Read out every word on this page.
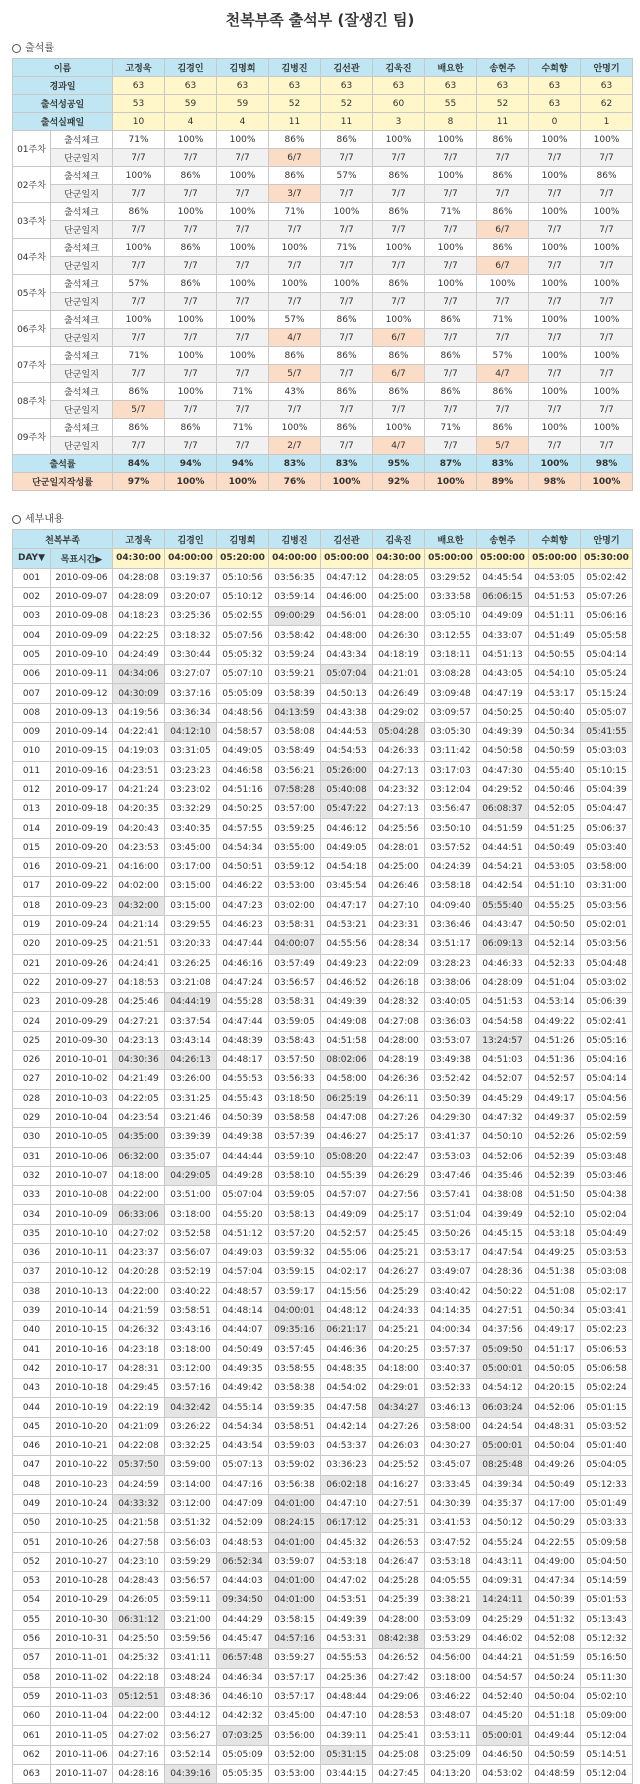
천복부족 출석부 (잘생긴 팀)
출석률
이름		고정욱	김경인	김명희	김병진	김선관	김욱진	배요한	송현주	수희향	안명기
경과일		63	63	63	63	63	63	63	63	63	63
출석성공일		53	59	59	52	52	60	55	52	63	62
출석실패일		10	4	4	11	11	3	8	11	0	1
01주차	출석체크	71%	100%	100%	86%	86%	100%	100%	86%	100%	100%
	단군일지	7/7	7/7	7/7	6/7	7/7	7/7	7/7	7/7	7/7	7/7
02주차	출석체크	100%	86%	100%	86%	57%	86%	100%	86%	100%	86%
	단군일지	7/7	7/7	7/7	3/7	7/7	7/7	7/7	7/7	7/7	7/7
03주차	출석체크	86%	100%	100%	71%	100%	86%	71%	86%	100%	100%
	단군일지	7/7	7/7	7/7	7/7	7/7	7/7	7/7	6/7	7/7	7/7
04주차	출석체크	100%	86%	100%	100%	71%	100%	100%	86%	100%	100%
	단군일지	7/7	7/7	7/7	7/7	7/7	7/7	7/7	6/7	7/7	7/7
05주차	출석체크	57%	86%	100%	100%	100%	86%	100%	100%	100%	100%
	단군일지	7/7	7/7	7/7	7/7	7/7	7/7	7/7	7/7	7/7	7/7
06주차	출석체크	100%	100%	100%	57%	86%	100%	86%	71%	100%	100%
	단군일지	7/7	7/7	7/7	4/7	7/7	6/7	7/7	7/7	7/7	7/7
07주차	출석체크	71%	100%	100%	86%	86%	86%	86%	57%	100%	100%
	단군일지	7/7	7/7	7/7	5/7	7/7	6/7	7/7	4/7	7/7	7/7
08주차	출석체크	86%	100%	71%	43%	86%	86%	86%	86%	100%	100%
	단군일지	5/7	7/7	7/7	7/7	7/7	7/7	7/7	7/7	7/7	7/7
09주차	출석체크	86%	86%	71%	100%	86%	100%	71%	86%	100%	100%
	단군일지	7/7	7/7	7/7	2/7	7/7	4/7	7/7	5/7	7/7	7/7
출석률		84%	94%	94%	83%	83%	95%	87%	83%	100%	98%
단군일지작성률		97%	100%	100%	76%	100%	92%	100%	89%	98%	100%
세부내용
천복부족		고정욱	김경인	김명희	김병진	김선관	김욱진	배요한	송현주	수희향	안명기
DAY▼	목표시간▶	04:30:00	04:00:00	05:20:00	04:00:00	05:00:00	04:30:00	05:00:00	05:00:00	05:00:00	05:30:00
001	2010-09-06	04:28:08	03:19:37	05:10:56	03:56:35	04:47:12	04:28:05	03:29:52	04:45:54	04:53:05	05:02:42
002	2010-09-07	04:28:09	03:20:07	05:10:12	03:59:14	04:46:00	04:25:00	03:33:58	06:06:15	04:51:53	05:07:26
003	2010-09-08	04:18:23	03:25:36	05:02:55	09:00:29	04:56:01	04:28:00	03:05:10	04:49:09	04:51:11	05:06:16
004	2010-09-09	04:22:25	03:18:32	05:07:56	03:58:42	04:48:00	04:26:30	03:12:55	04:33:07	04:51:49	05:05:58
005	2010-09-10	04:24:49	03:30:44	05:05:32	03:59:24	04:43:34	04:18:19	03:18:11	04:51:13	04:50:55	05:04:14
006	2010-09-11	04:34:06	03:27:07	05:07:10	03:59:21	05:07:04	04:21:01	03:08:28	04:43:05	04:54:10	05:05:24
007	2010-09-12	04:30:09	03:37:16	05:05:09	03:58:39	04:50:13	04:26:49	03:09:48	04:47:19	04:53:17	05:15:24
008	2010-09-13	04:19:56	03:36:34	04:48:56	04:13:59	04:43:38	04:29:02	03:09:57	04:50:25	04:50:40	05:05:07
009	2010-09-14	04:22:41	04:12:10	04:58:57	03:58:08	04:44:53	05:04:28	03:05:30	04:49:39	04:50:34	05:41:55
010	2010-09-15	04:19:03	03:31:05	04:49:05	03:58:49	04:54:53	04:26:33	03:11:42	04:50:58	04:50:59	05:03:03
011	2010-09-16	04:23:51	03:23:23	04:46:58	03:56:21	05:26:00	04:27:13	03:17:03	04:47:30	04:55:40	05:10:15
012	2010-09-17	04:21:24	03:23:02	04:51:16	07:58:28	05:40:08	04:23:32	03:12:04	04:29:52	04:50:46	05:04:39
013	2010-09-18	04:20:35	03:32:29	04:50:25	03:57:00	05:47:22	04:27:13	03:56:47	06:08:37	04:52:05	05:04:47
014	2010-09-19	04:20:43	03:40:35	04:57:55	03:59:25	04:46:12	04:25:56	03:50:10	04:51:59	04:51:25	05:06:37
015	2010-09-20	04:23:53	03:45:00	04:54:34	03:55:00	04:49:05	04:28:01	03:57:52	04:44:51	04:50:49	05:03:40
016	2010-09-21	04:16:00	03:17:00	04:50:51	03:59:12	04:54:18	04:25:00	04:24:39	04:54:21	04:53:05	03:58:00
017	2010-09-22	04:02:00	03:15:00	04:46:22	03:53:00	03:45:54	04:26:46	03:58:18	04:42:54	04:51:10	03:31:00
018	2010-09-23	04:32:00	03:15:00	04:47:23	03:02:00	04:47:17	04:27:10	04:09:40	05:55:40	04:55:25	05:03:56
019	2010-09-24	04:21:14	03:29:55	04:46:23	03:58:31	04:53:21	04:23:31	03:36:46	04:43:47	04:50:50	05:02:01
020	2010-09-25	04:21:51	03:20:33	04:47:44	04:00:07	04:55:56	04:28:34	03:51:17	06:09:13	04:52:14	05:03:56
021	2010-09-26	04:24:41	03:26:25	04:46:16	03:57:49	04:49:23	04:22:09	03:28:23	04:46:33	04:52:33	05:04:48
022	2010-09-27	04:18:53	03:21:08	04:47:24	03:56:57	04:46:52	04:26:18	03:38:06	04:28:09	04:51:04	05:03:02
023	2010-09-28	04:25:46	04:44:19	04:55:28	03:58:31	04:49:39	04:28:32	03:40:05	04:51:53	04:53:14	05:06:39
024	2010-09-29	04:27:21	03:37:54	04:47:44	03:59:05	04:49:08	04:27:08	03:36:03	04:54:58	04:49:22	05:02:41
025	2010-09-30	04:23:13	03:43:14	04:48:39	03:58:43	04:51:58	04:28:00	03:53:07	13:24:57	04:51:26	05:05:16
026	2010-10-01	04:30:36	04:26:13	04:48:17	03:57:50	08:02:06	04:28:19	03:49:38	04:51:03	04:51:36	05:04:16
027	2010-10-02	04:21:49	03:26:00	04:55:53	03:56:33	04:58:00	04:26:36	03:52:42	04:52:07	04:52:57	05:04:14
028	2010-10-03	04:22:05	03:31:25	04:55:43	03:18:50	06:25:19	04:26:11	03:50:39	04:45:29	04:49:17	05:04:56
029	2010-10-04	04:23:54	03:21:46	04:50:39	03:58:58	04:47:08	04:27:26	04:29:30	04:47:32	04:49:37	05:02:59
030	2010-10-05	04:35:00	03:39:39	04:49:38	03:57:39	04:46:27	04:25:17	03:41:37	04:50:10	04:52:26	05:02:59
031	2010-10-06	06:32:00	03:35:07	04:44:44	03:59:10	05:08:20	04:22:47	03:53:03	04:52:06	04:52:39	05:03:48
032	2010-10-07	04:18:00	04:29:05	04:49:28	03:58:10	04:55:39	04:26:29	03:47:46	04:35:46	04:52:39	05:03:46
033	2010-10-08	04:22:00	03:51:00	05:07:04	03:59:05	04:57:07	04:27:56	03:57:41	04:38:08	04:51:50	05:04:38
034	2010-10-09	06:33:06	03:18:00	04:55:20	03:58:13	04:49:09	04:25:17	03:51:04	04:39:49	04:52:10	05:02:04
035	2010-10-10	04:27:02	03:52:58	04:51:12	03:57:20	04:52:57	04:25:45	03:50:26	04:45:15	04:53:18	05:04:49
036	2010-10-11	04:23:37	03:56:07	04:49:03	03:59:32	04:55:06	04:25:21	03:53:17	04:47:54	04:49:25	05:03:53
037	2010-10-12	04:20:28	03:52:19	04:57:04	03:59:15	04:02:17	04:26:27	03:49:07	04:28:36	04:51:38	05:03:08
038	2010-10-13	04:22:00	03:40:22	04:48:57	03:59:17	04:15:56	04:25:29	03:40:42	04:50:22	04:51:08	05:02:17
039	2010-10-14	04:21:59	03:58:51	04:48:14	04:00:01	04:48:12	04:24:33	04:14:35	04:27:51	04:50:34	05:03:41
040	2010-10-15	04:26:32	03:43:16	04:44:07	09:35:16	06:21:17	04:25:21	04:00:34	04:37:56	04:49:17	05:02:23
041	2010-10-16	04:23:18	03:18:00	04:50:49	03:57:45	04:46:36	04:20:25	03:57:37	05:09:50	04:51:17	05:06:53
042	2010-10-17	04:28:31	03:12:00	04:49:35	03:58:55	04:48:35	04:18:00	03:40:37	05:00:01	04:50:05	05:06:58
043	2010-10-18	04:29:45	03:57:16	04:49:42	03:58:38	04:54:02	04:29:01	03:52:33	04:54:12	04:20:15	05:02:24
044	2010-10-19	04:22:19	04:32:42	04:55:14	03:59:35	04:47:58	04:34:27	03:46:13	06:03:24	04:52:06	05:01:15
045	2010-10-20	04:21:09	03:26:22	04:54:34	03:58:51	04:42:14	04:27:26	03:58:00	04:24:54	04:48:31	05:03:52
046	2010-10-21	04:22:08	03:32:25	04:43:54	03:59:03	04:53:37	04:26:03	04:30:27	05:00:01	04:50:04	05:01:40
047	2010-10-22	05:37:50	03:59:00	05:07:13	03:59:02	03:36:23	04:25:52	03:45:07	08:25:48	04:49:26	05:04:05
048	2010-10-23	04:24:59	03:14:00	04:47:16	03:56:38	06:02:18	04:16:27	03:33:45	04:39:34	04:50:49	05:12:33
049	2010-10-24	04:33:32	03:12:00	04:47:09	04:01:00	04:47:10	04:27:51	04:30:39	04:35:37	04:17:00	05:01:49
050	2010-10-25	04:21:58	03:51:32	04:52:09	08:24:15	06:17:12	04:25:31	03:41:53	04:50:12	04:50:29	05:03:33
051	2010-10-26	04:27:58	03:56:03	04:48:53	04:01:00	04:45:32	04:26:53	03:47:52	04:55:24	04:22:55	05:09:58
052	2010-10-27	04:23:10	03:59:29	06:52:34	03:59:07	04:53:18	04:26:47	03:53:18	04:43:11	04:49:00	05:04:50
053	2010-10-28	04:28:43	03:56:57	04:44:03	04:01:00	04:47:02	04:25:28	04:05:55	04:09:31	04:47:34	05:14:59
054	2010-10-29	04:26:05	03:59:11	09:34:50	04:01:00	04:53:51	04:25:39	03:38:21	14:24:11	04:50:39	05:01:53
055	2010-10-30	06:31:12	03:21:00	04:44:29	03:58:15	04:49:39	04:28:00	03:53:09	04:25:29	04:51:32	05:13:43
056	2010-10-31	04:25:50	03:59:56	04:45:47	04:57:16	04:53:31	08:42:38	03:53:29	04:46:02	04:52:08	05:12:32
057	2010-11-01	04:25:32	03:41:11	06:57:48	03:59:27	04:55:53	04:26:52	04:56:00	04:44:21	04:51:59	05:16:50
058	2010-11-02	04:22:18	03:48:24	04:46:34	03:57:17	04:25:36	04:27:42	03:18:00	04:54:57	04:50:24	05:11:30
059	2010-11-03	05:12:51	03:48:36	04:46:10	03:57:17	04:48:44	04:29:06	03:46:22	04:52:40	04:50:04	05:02:10
060	2010-11-04	04:22:00	03:44:12	04:42:32	03:45:00	04:47:10	04:28:53	03:48:07	04:45:20	04:51:18	05:09:00
061	2010-11-05	04:27:02	03:56:27	07:03:25	03:56:00	04:39:11	04:25:41	03:53:11	05:00:01	04:49:44	05:12:04
062	2010-11-06	04:27:16	03:52:14	05:05:09	03:52:00	05:31:15	04:25:08	03:25:09	04:46:50	04:50:59	05:14:51
063	2010-11-07	04:28:16	04:39:16	05:05:35	03:53:00	03:44:15	04:27:45	04:13:20	04:53:02	04:48:59	05:12:04
